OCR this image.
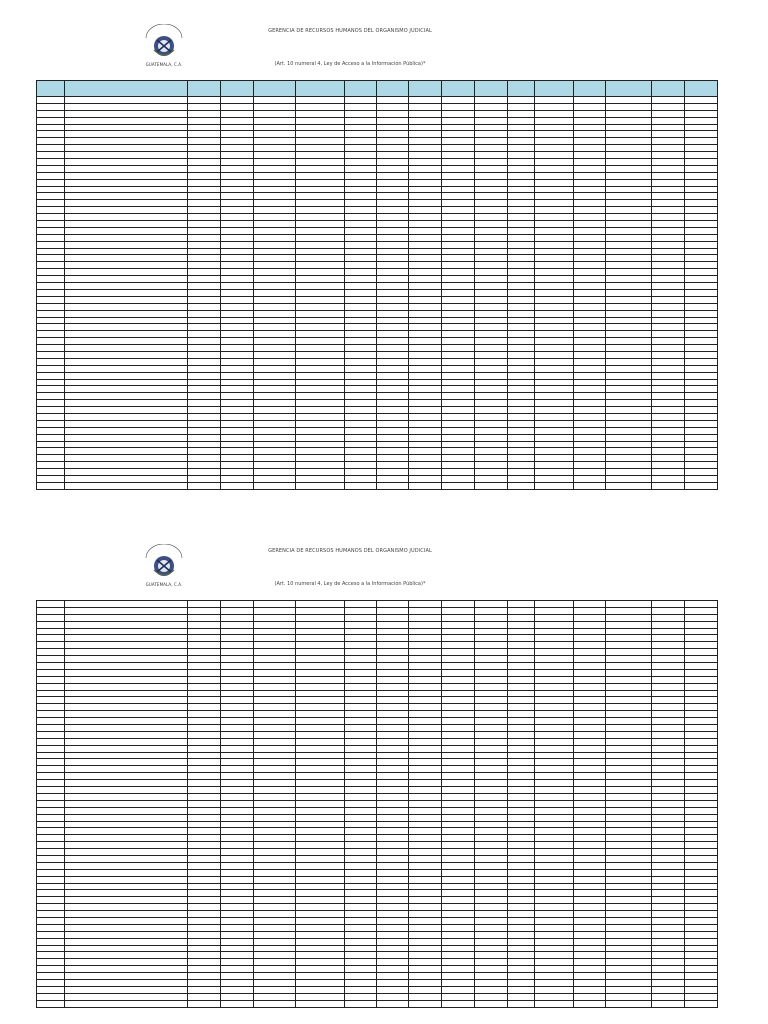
GUATEMALA, C.A.
GERENCIA DE RECURSOS HUMANOS DEL ORGANISMO JUDICIAL
(Art. 10 numeral 4, Ley de Acceso a la Información Pública)*

GUATEMALA, C.A.
GERENCIA DE RECURSOS HUMANOS DEL ORGANISMO JUDICIAL
(Art. 10 numeral 4, Ley de Acceso a la Información Pública)*
